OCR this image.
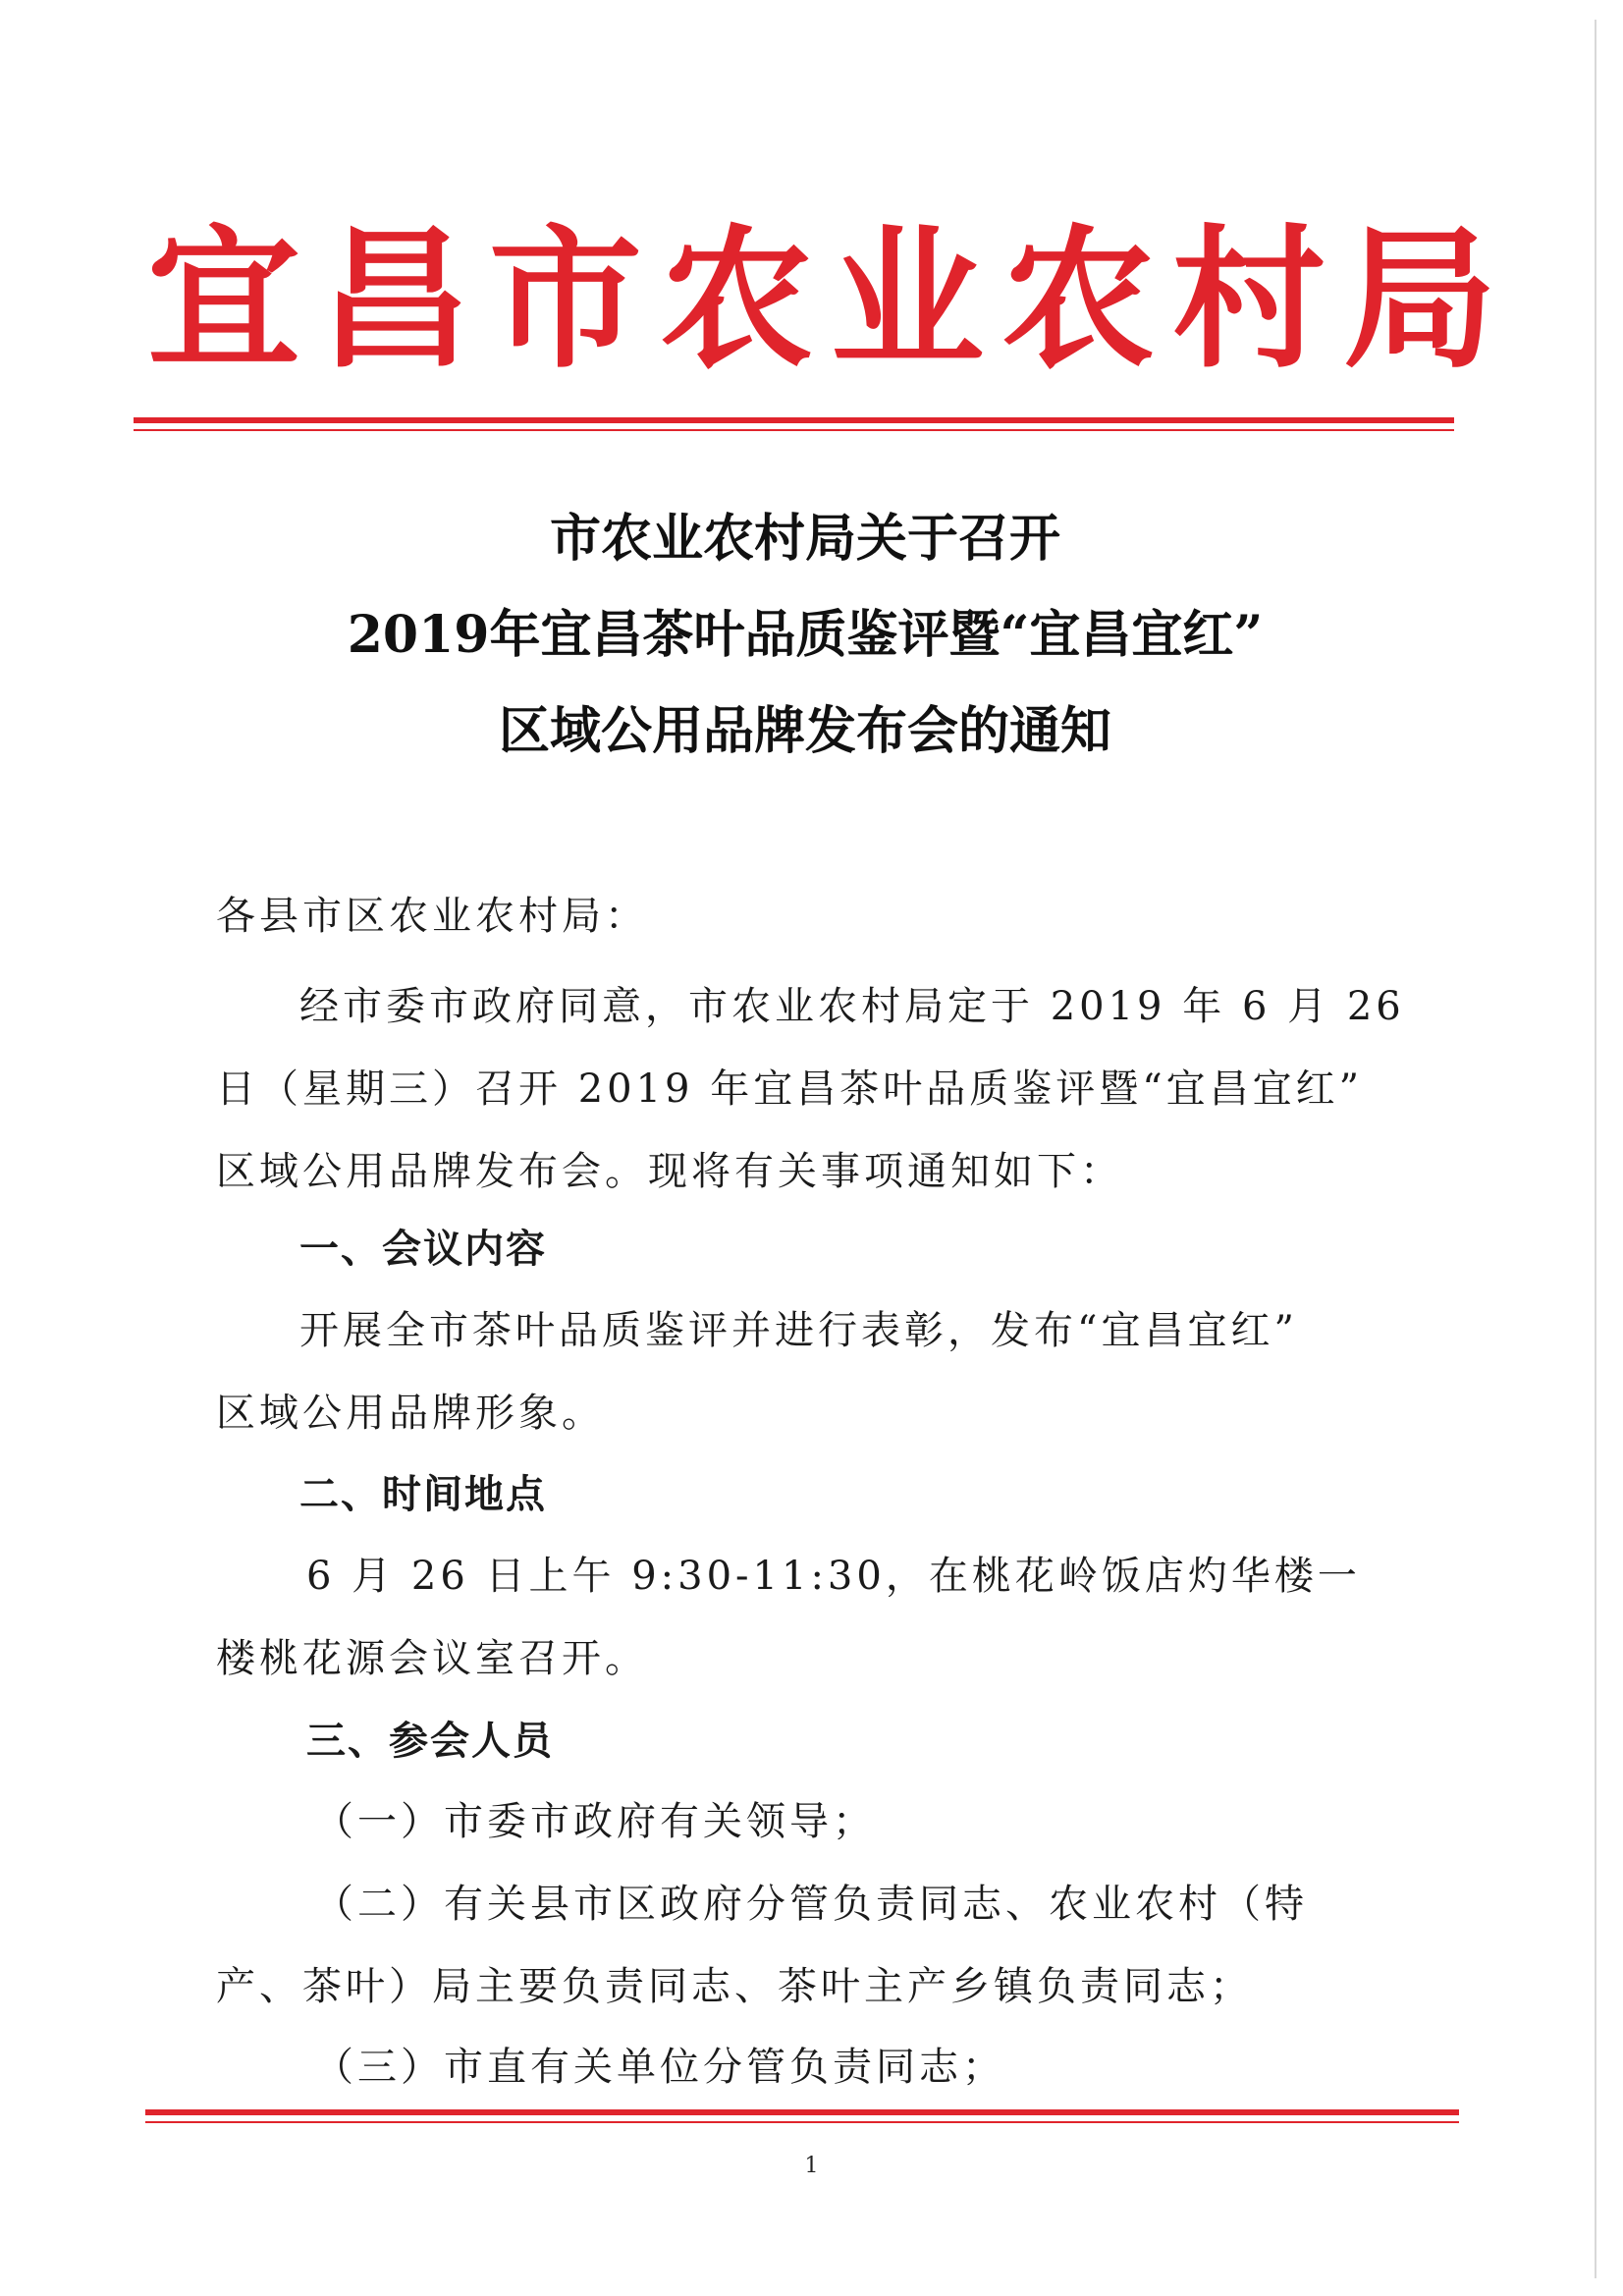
宜昌市农业农村局
市农业农村局关于召开
2019年宜昌茶叶品质鉴评暨“宜昌宜红”
区域公用品牌发布会的通知
各县市区农业农村局：
经市委市政府同意，市农业农村局定于 2019 年 6 月 26
日（星期三）召开 2019 年宜昌茶叶品质鉴评暨“宜昌宜红”
区域公用品牌发布会。现将有关事项通知如下：
一、会议内容
开展全市茶叶品质鉴评并进行表彰，发布“宜昌宜红”
区域公用品牌形象。
二、时间地点
6 月 26 日上午 9:30-11:30，在桃花岭饭店灼华楼一
楼桃花源会议室召开。
三、参会人员
（一）市委市政府有关领导；
（二）有关县市区政府分管负责同志、农业农村（特
产、茶叶）局主要负责同志、茶叶主产乡镇负责同志；
（三）市直有关单位分管负责同志；
1
